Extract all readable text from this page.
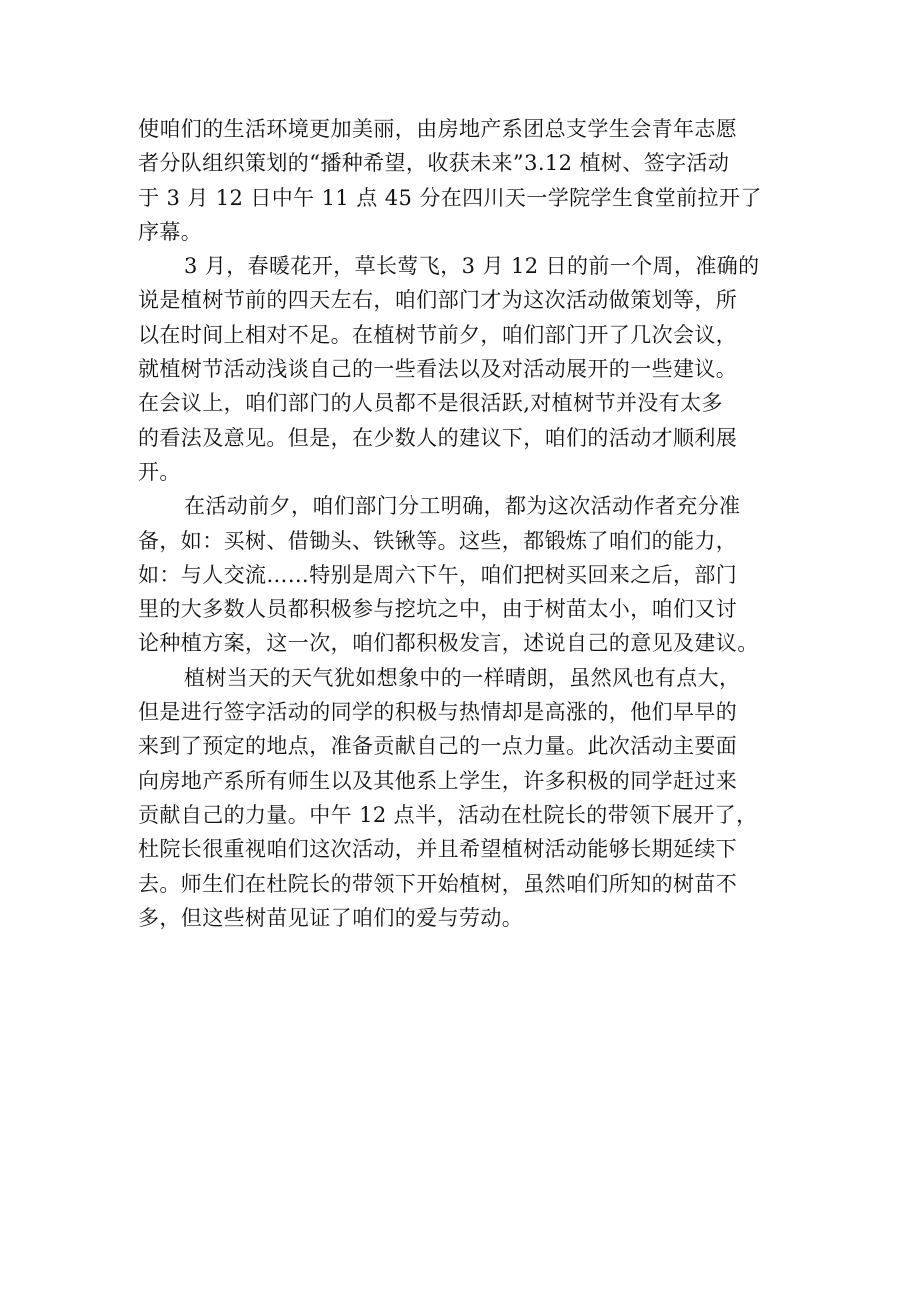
使咱们的生活环境更加美丽，由房地产系团总支学生会青年志愿
者分队组织策划的“播种希望，收获未来”3.12 植树、签字活动
于 3 月 12 日中午 11 点 45 分在四川天一学院学生食堂前拉开了
序幕。
3 月，春暖花开，草长莺飞，3 月 12 日的前一个周，准确的
说是植树节前的四天左右，咱们部门才为这次活动做策划等，所
以在时间上相对不足。在植树节前夕，咱们部门开了几次会议，
就植树节活动浅谈自己的一些看法以及对活动展开的一些建议。
在会议上，咱们部门的人员都不是很活跃,对植树节并没有太多
的看法及意见。但是，在少数人的建议下，咱们的活动才顺利展
开。
在活动前夕，咱们部门分工明确，都为这次活动作者充分准
备，如：买树、借锄头、铁锹等。这些，都锻炼了咱们的能力，
如：与人交流……特别是周六下午，咱们把树买回来之后，部门
里的大多数人员都积极参与挖坑之中，由于树苗太小，咱们又讨
论种植方案，这一次，咱们都积极发言，述说自己的意见及建议。
植树当天的天气犹如想象中的一样晴朗，虽然风也有点大，
但是进行签字活动的同学的积极与热情却是高涨的，他们早早的
来到了预定的地点，准备贡献自己的一点力量。此次活动主要面
向房地产系所有师生以及其他系上学生，许多积极的同学赶过来
贡献自己的力量。中午 12 点半，活动在杜院长的带领下展开了，
杜院长很重视咱们这次活动，并且希望植树活动能够长期延续下
去。师生们在杜院长的带领下开始植树，虽然咱们所知的树苗不
多，但这些树苗见证了咱们的爱与劳动。
